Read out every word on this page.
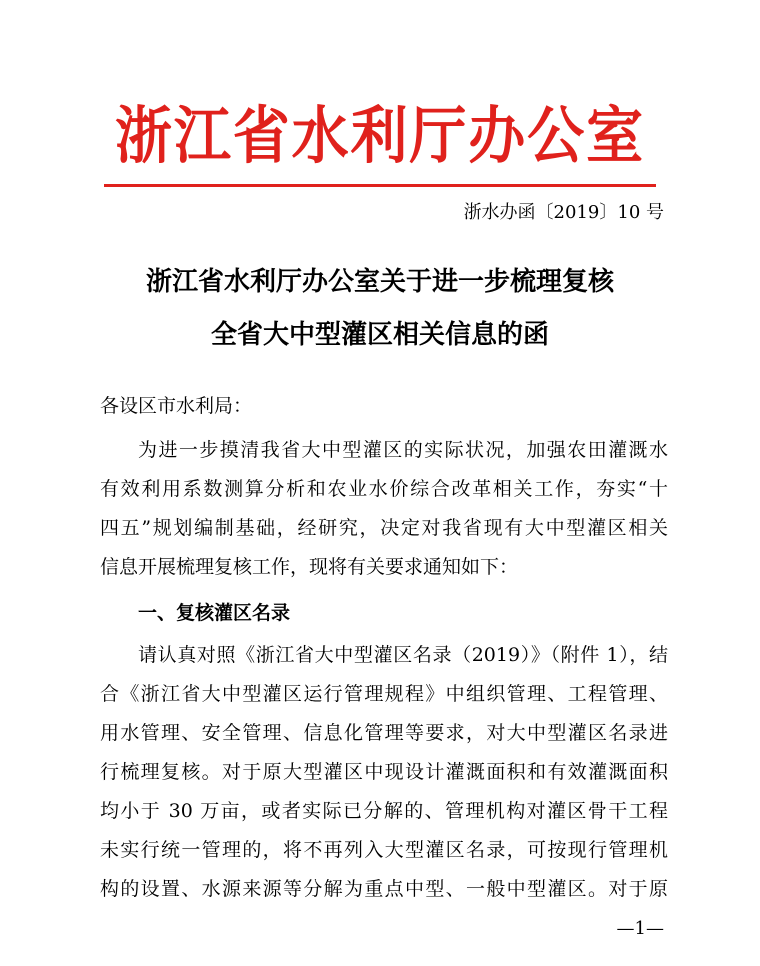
浙江省水利厅办公室
浙水办函〔2019〕10 号
浙江省水利厅办公室关于进一步梳理复核
全省大中型灌区相关信息的函
各设区市水利局：
为进一步摸清我省大中型灌区的实际状况，加强农田灌溉水
有效利用系数测算分析和农业水价综合改革相关工作，夯实“十
四五”规划编制基础，经研究，决定对我省现有大中型灌区相关
信息开展梳理复核工作，现将有关要求通知如下：
一、复核灌区名录
请认真对照《浙江省大中型灌区名录（2019）》（附件 1），结
合《浙江省大中型灌区运行管理规程》中组织管理、工程管理、
用水管理、安全管理、信息化管理等要求，对大中型灌区名录进
行梳理复核。对于原大型灌区中现设计灌溉面积和有效灌溉面积
均小于 30 万亩，或者实际已分解的、管理机构对灌区骨干工程
未实行统一管理的，将不再列入大型灌区名录，可按现行管理机
构的设置、水源来源等分解为重点中型、一般中型灌区。对于原
—1—
